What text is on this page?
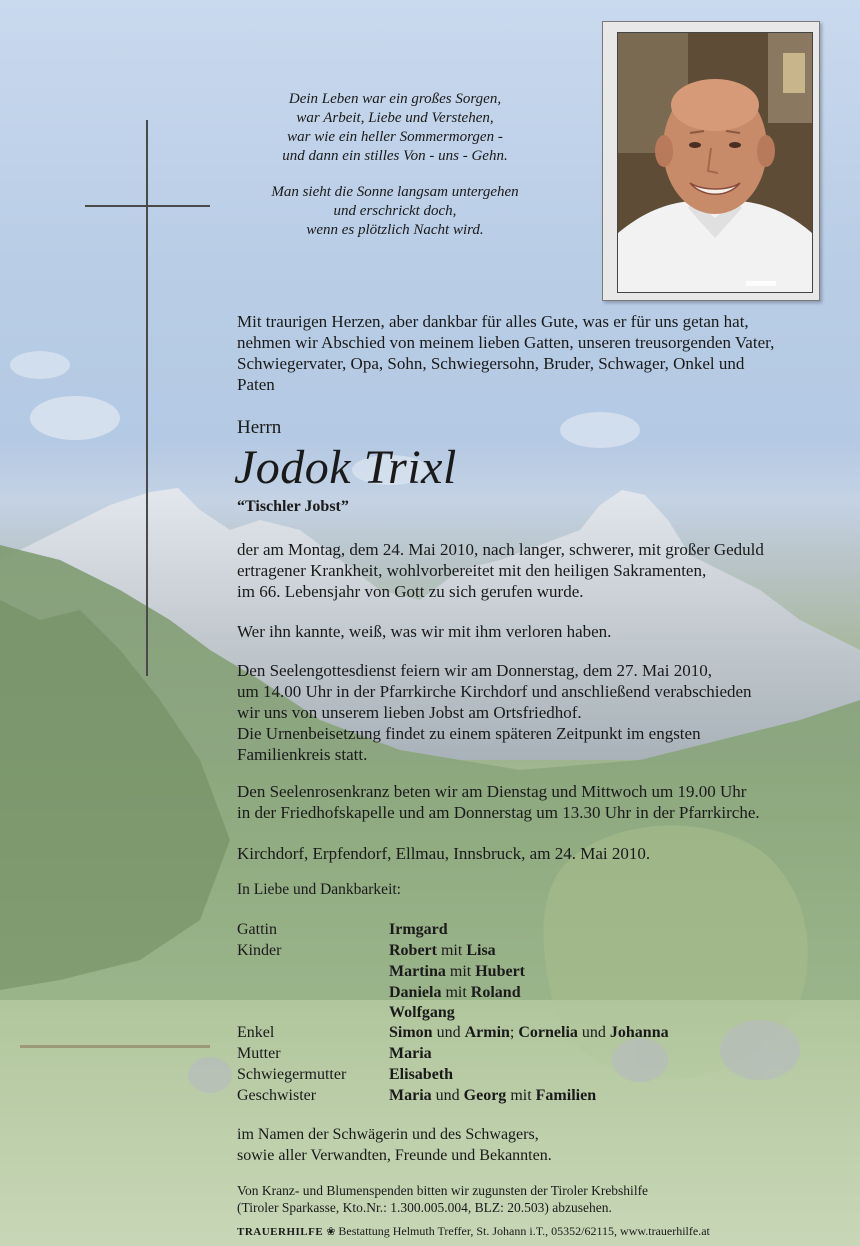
Dein Leben war ein großes Sorgen,
war Arbeit, Liebe und Verstehen,
war wie ein heller Sommermorgen -
und dann ein stilles Von - uns - Gehn.
Man sieht die Sonne langsam untergehen
und erschrickt doch,
wenn es plötzlich Nacht wird.
Mit traurigen Herzen, aber dankbar für alles Gute, was er für uns getan hat,
nehmen wir Abschied von meinem lieben Gatten, unseren treusorgenden Vater,
Schwiegervater, Opa, Sohn, Schwiegersohn, Bruder, Schwager, Onkel und
Paten
Herrn
Jodok Trixl
“Tischler Jobst”
der am Montag, dem 24. Mai 2010, nach langer, schwerer, mit großer Geduld
ertragener Krankheit, wohlvorbereitet mit den heiligen Sakramenten,
im 66. Lebensjahr von Gott zu sich gerufen wurde.
Wer ihn kannte, weiß, was wir mit ihm verloren haben.
Den Seelengottesdienst feiern wir am Donnerstag, dem 27. Mai 2010,
um 14.00 Uhr in der Pfarrkirche Kirchdorf und anschließend verabschieden
wir uns von unserem lieben Jobst am Ortsfriedhof.
Die Urnenbeisetzung findet zu einem späteren Zeitpunkt im engsten
Familienkreis statt.
Den Seelenrosenkranz beten wir am Dienstag und Mittwoch um 19.00 Uhr
in der Friedhofskapelle und am Donnerstag um 13.30 Uhr in der Pfarrkirche.
Kirchdorf, Erpfendorf, Ellmau, Innsbruck, am 24. Mai 2010.
In Liebe und Dankbarkeit:
Gattin	Irmgard
Kinder	Robert mit Lisa
Martina mit Hubert
Daniela mit Roland
Wolfgang
Enkel	Simon und Armin; Cornelia und Johanna
Mutter	Maria
Schwiegermutter	Elisabeth
Geschwister	Maria und Georg mit Familien
im Namen der Schwägerin und des Schwagers,
sowie aller Verwandten, Freunde und Bekannten.
Von Kranz- und Blumenspenden bitten wir zugunsten der Tiroler Krebshilfe
(Tiroler Sparkasse, Kto.Nr.: 1.300.005.004, BLZ: 20.503) abzusehen.
TRAUERHILFE ❀ Bestattung Helmuth Treffer, St. Johann i.T., 05352/62115, www.trauerhilfe.at
